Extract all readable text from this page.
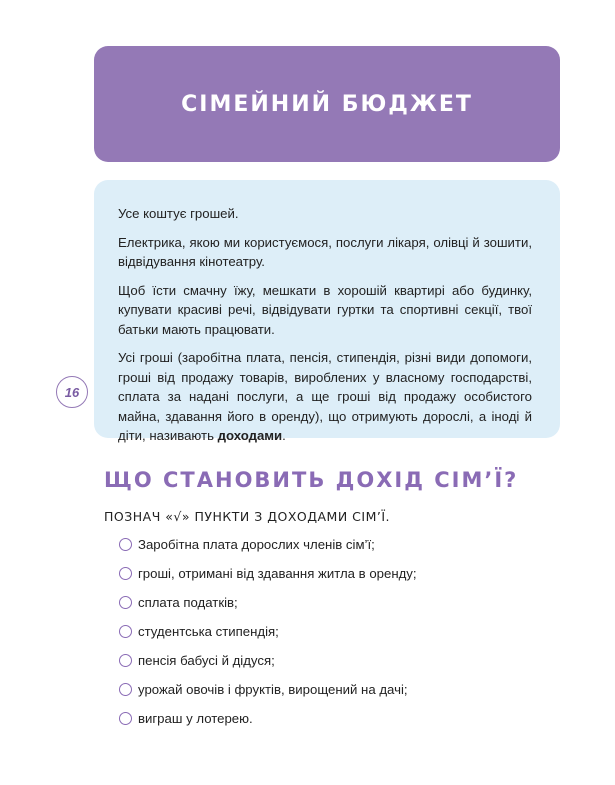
СІМЕЙНИЙ БЮДЖЕТ

Усе коштує грошей.

Електрика, якою ми користуємося, послуги лікаря, олівці й зошити, відвідування кінотеатру.

Щоб їсти смачну їжу, мешкати в хорошій квартирі або будинку, купувати красиві речі, відвідувати гуртки та спортивні секції, твої батьки мають працювати.

Усі гроші (заробітна плата, пенсія, стипендія, різні види допомоги, гроші від продажу товарів, вироблених у власному господарстві, сплата за надані послуги, а ще гроші від продажу особистого майна, здавання його в оренду), що отримують дорослі, а іноді й діти, називають доходами.

16
ЩО СТАНОВИТЬ ДОХІД СІМ’Ї?

ПОЗНАЧ «√» ПУНКТИ З ДОХОДАМИ СІМ’Ї.

Заробітна плата дорослих членів сім’ї;
гроші, отримані від здавання житла в оренду;
сплата податків;
студентська стипендія;
пенсія бабусі й дідуся;
урожай овочів і фруктів, вирощений на дачі;
виграш у лотерею.
